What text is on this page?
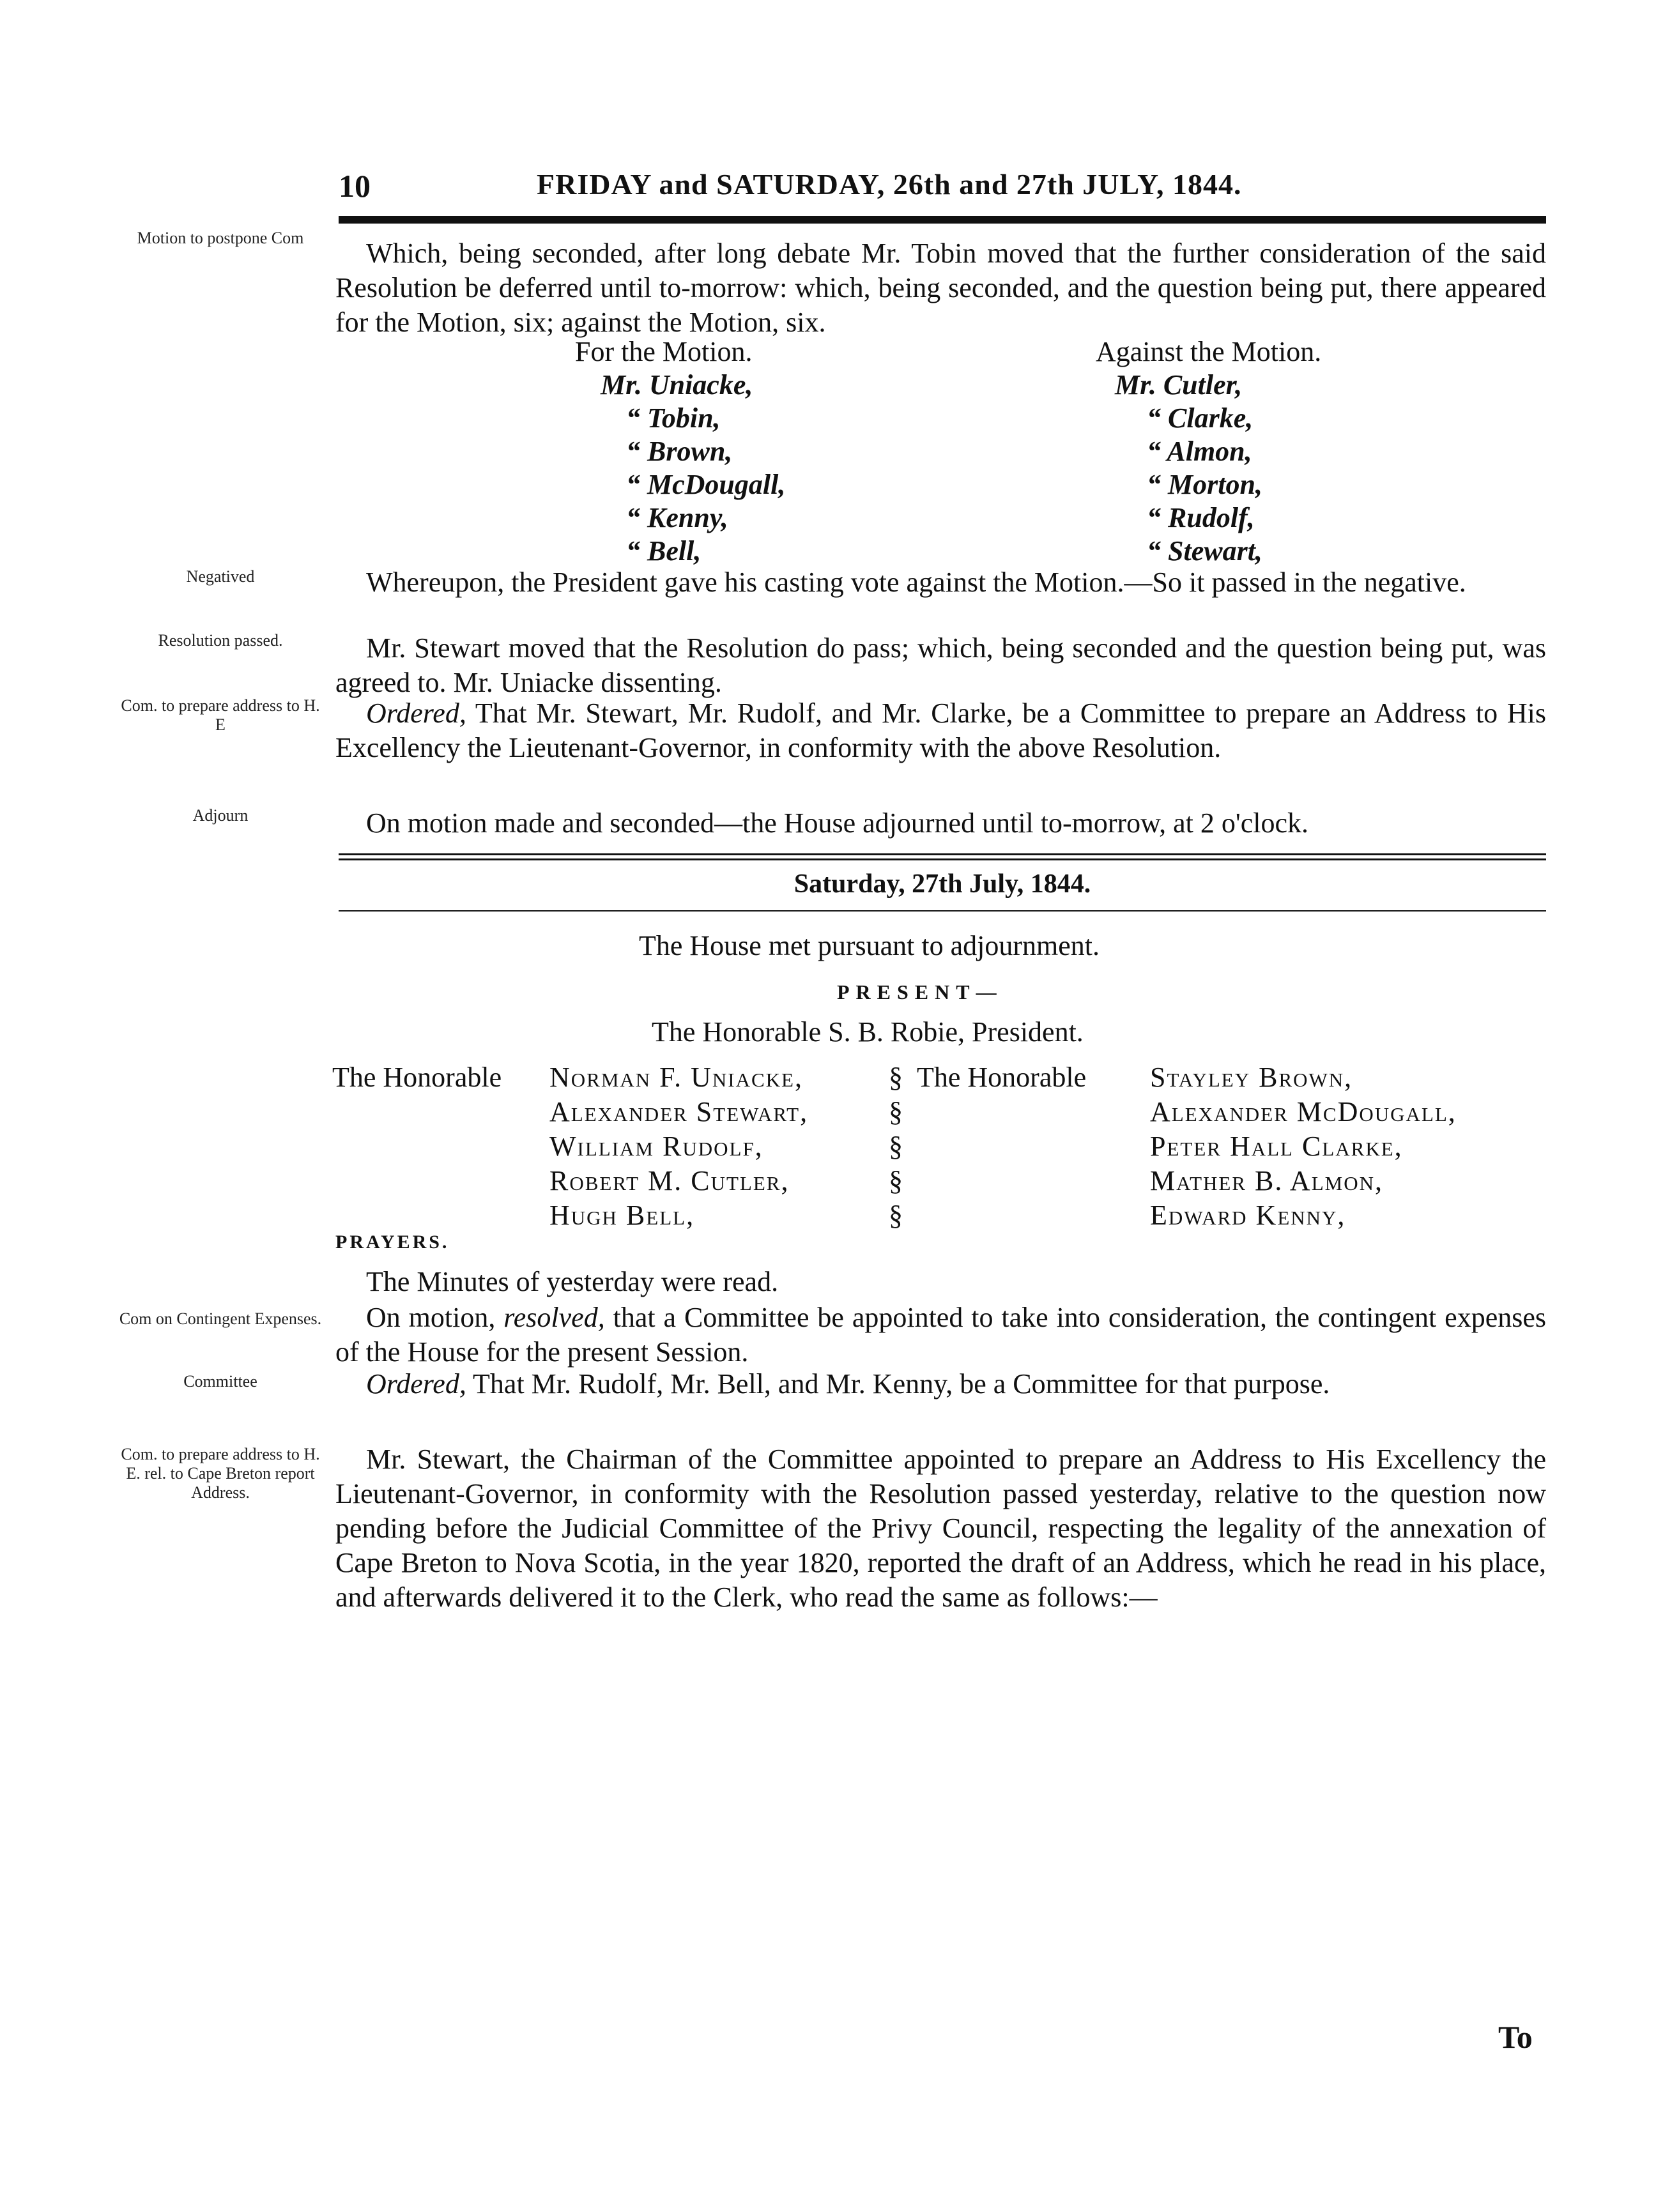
10	FRIDAY and SATURDAY, 26th and 27th JULY, 1844.
Motion to postpone Com
Negatived
Resolution passed.
Com. to prepare address to H. E
Adjourn

Which, being seconded, after long debate Mr. Tobin moved that the further consideration of the said Resolution be deferred until to-morrow: which, being seconded, and the question being put, there appeared for the Motion, six; against the Motion, six.

For the Motion.
Mr. Uniacke,
“ Tobin,
“ Brown,
“ McDougall,
“ Kenny,
“ Bell,
Against the Motion.
Mr. Cutler,
“ Clarke,
“ Almon,
“ Morton,
“ Rudolf,
“ Stewart,

Whereupon, the President gave his casting vote against the Motion.—So it passed in the negative.

Mr. Stewart moved that the Resolution do pass; which, being seconded and the question being put, was agreed to. Mr. Uniacke dissenting.

Ordered, That Mr. Stewart, Mr. Rudolf, and Mr. Clarke, be a Committee to prepare an Address to His Excellency the Lieutenant-Governor, in conformity with the above Resolution.

On motion made and seconded—the House adjourned until to-morrow, at 2 o'clock.

Saturday, 27th July, 1844.
The House met pursuant to adjournment.
PRESENT—
The Honorable S. B. Robie, President.
The Honorable Norman F. Uniacke,
Alexander Stewart,
William Rudolf,
Robert M. Cutler,
Hugh Bell,
§
§
§
§
§
The Honorable Stayley Brown,
Alexander McDougall,
Peter Hall Clarke,
Mather B. Almon,
Edward Kenny,
PRAYERS.
Com on Contingent Expenses.
Committee
Com. to prepare address to H. E. rel. to Cape Breton report Address.

The Minutes of yesterday were read.

On motion, resolved, that a Committee be appointed to take into consideration, the contingent expenses of the House for the present Session.

Ordered, That Mr. Rudolf, Mr. Bell, and Mr. Kenny, be a Committee for that purpose.

Mr. Stewart, the Chairman of the Committee appointed to prepare an Address to His Excellency the Lieutenant-Governor, in conformity with the Resolution passed yesterday, relative to the question now pending before the Judicial Committee of the Privy Council, respecting the legality of the annexation of Cape Breton to Nova Scotia, in the year 1820, reported the draft of an Address, which he read in his place, and afterwards delivered it to the Clerk, who read the same as follows:—

To
